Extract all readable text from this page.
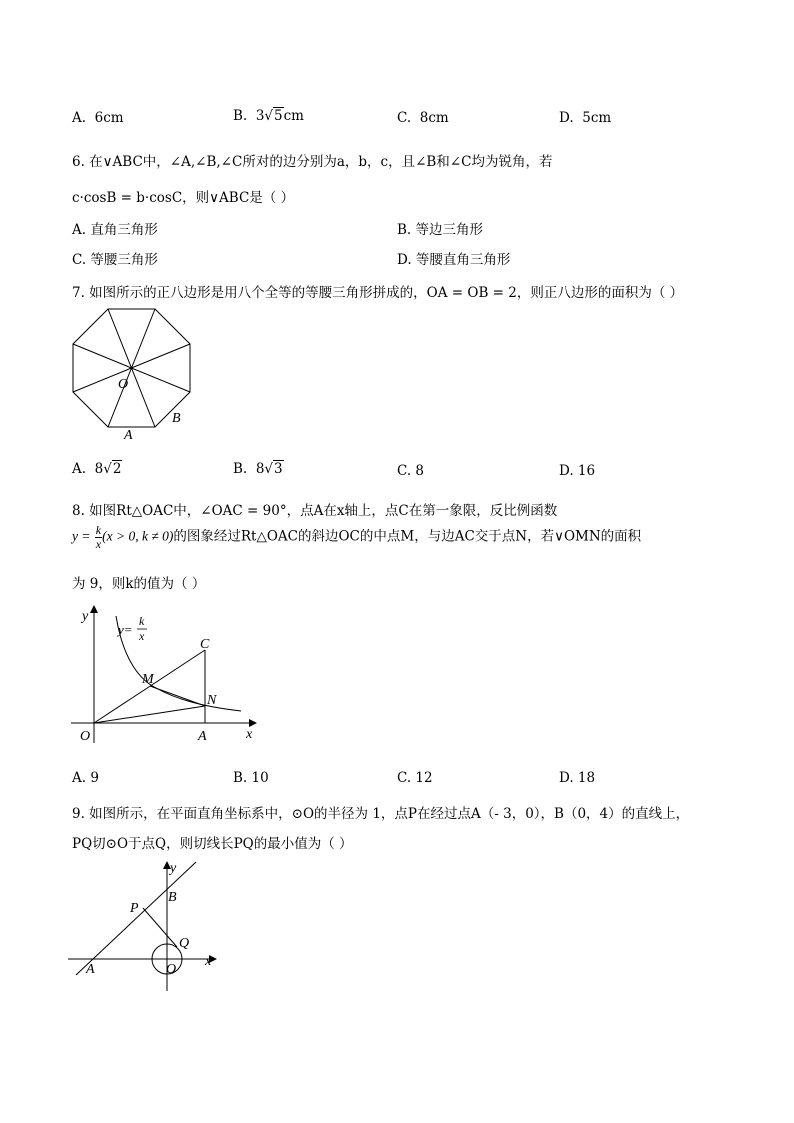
A. 6cm	B. 3√5cm	C. 8cm	D. 5cm
6. 在∨ABC中，∠A,∠B,∠C所对的边分别为a，b，c，且∠B和∠C均为锐角，若
c·cosB = b·cosC，则∨ABC是（ ）
A. 直角三角形	B. 等边三角形
C. 等腰三角形	D. 等腰直角三角形
7. 如图所示的正八边形是用八个全等的等腰三角形拼成的，OA = OB = 2，则正八边形的面积为（ ）
O
B
A
A. 8√2	B. 8√3	C. 8	D. 16
8. 如图Rt△OAC中，∠OAC = 90°，点A在x轴上，点C在第一象限，反比例函数
$y = \frac{k}{x} (x > 0$, k ≠ 0)的图象经过Rt△OAC的斜边OC的中点M，与边AC交于点N，若∨OMN的面积
为 9，则k的值为（ ）
y
x
O	A
C
M
N
y=
k
x
A. 9	B. 10	C. 12	D. 18
9. 如图所示，在平面直角坐标系中，⊙O的半径为 1，点P在经过点A（- 3，0），B（0，4）的直线上，
PQ切⊙O于点Q，则切线长PQ的最小值为（ ）
y
x
B
P
Q
O
A
